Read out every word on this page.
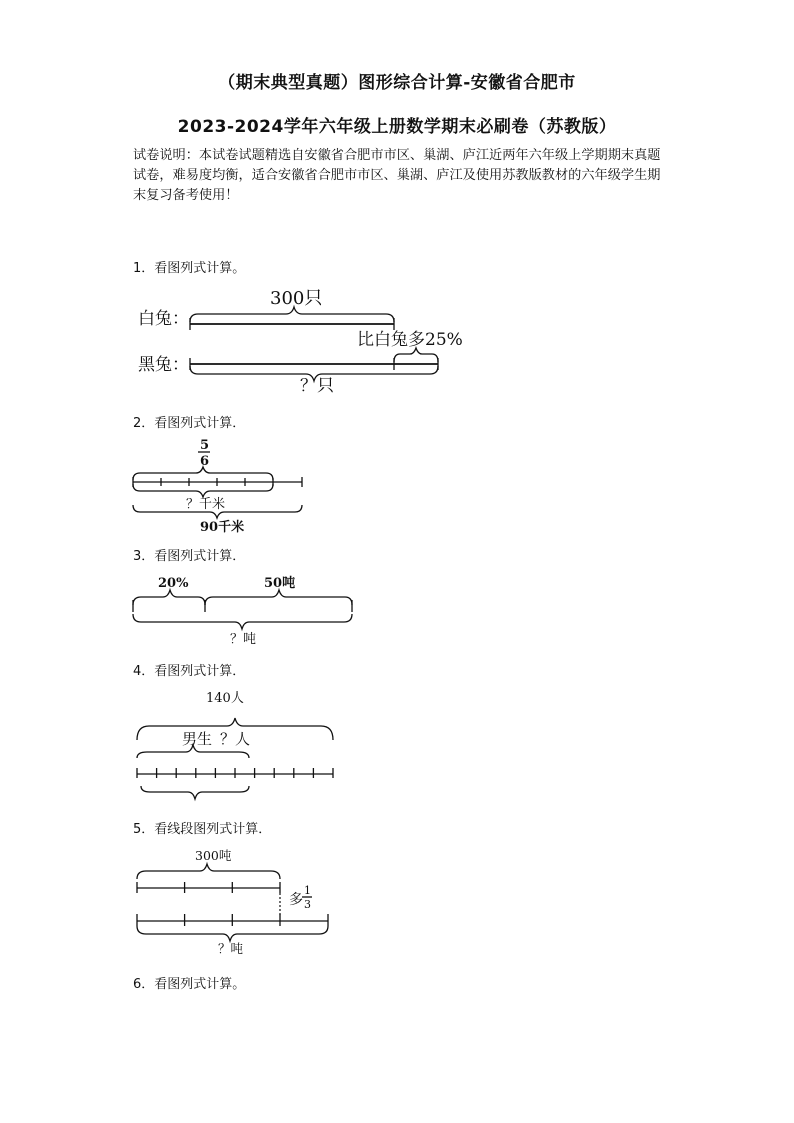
（期末典型真题）图形综合计算-安徽省合肥市
2023-2024学年六年级上册数学期末必刷卷（苏教版）
试卷说明：本试卷试题精选自安徽省合肥市市区、巢湖、庐江近两年六年级上学期期末真题试卷，难易度均衡，适合安徽省合肥市市区、巢湖、庐江及使用苏教版教材的六年级学生期末复习备考使用！
1．看图列式计算。
2．看图列式计算．
3．看图列式计算．
4．看图列式计算．
5．看线段图列式计算．
6．看图列式计算。
白兔：
黑兔：
300只
比白兔多25%
？只
5
6
？千米
90千米
20%	50吨
？吨
140人
男生 ？人
300吨
多
1
3
？吨
